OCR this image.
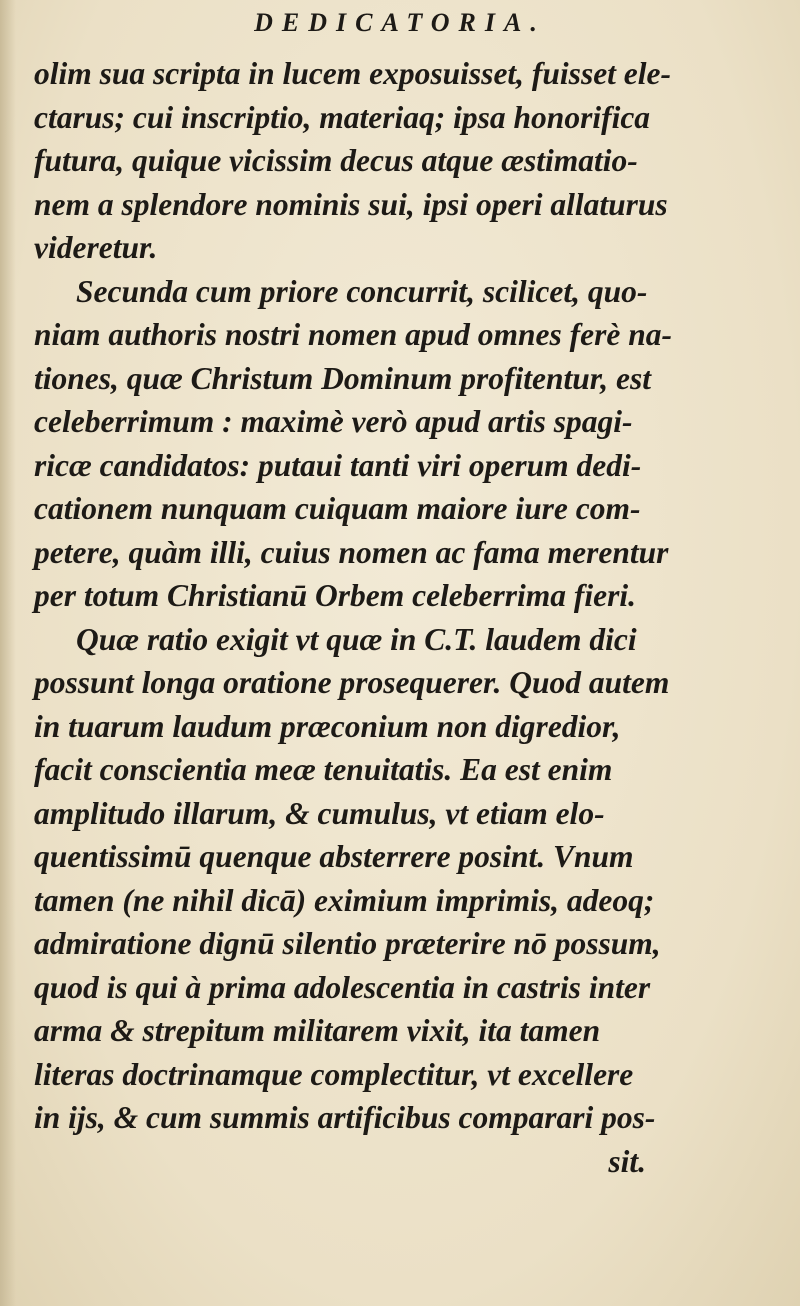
DEDICATORIA.
olim sua scripta in lucem exposuisset, fuisset ele-
ctarus; cui inscriptio, materiaq; ipsa honorifica
futura, quique vicissim decus atque æstimatio-
nem a splendore nominis sui, ipsi operi allaturus
videretur.
Secunda cum priore concurrit, scilicet, quo-
niam authoris nostri nomen apud omnes ferè na-
tiones, quæ Christum Dominum profitentur, est
celeberrimum : maximè verò apud artis spagi-
ricæ candidatos: putaui tanti viri operum dedi-
cationem nunquam cuiquam maiore iure com-
petere, quàm illi, cuius nomen ac fama merentur
per totum Christianū Orbem celeberrima fieri.
Quæ ratio exigit vt quæ in C.T. laudem dici
possunt longa oratione prosequerer. Quod autem
in tuarum laudum præconium non digredior,
facit conscientia meæ tenuitatis. Ea est enim
amplitudo illarum, & cumulus, vt etiam elo-
quentissimū quenque absterrere posint. Vnum
tamen (ne nihil dicā) eximium imprimis, adeoq;
admiratione dignū silentio præterire nō possum,
quod is qui à prima adolescentia in castris inter
arma & strepitum militarem vixit, ita tamen
literas doctrinamque complectitur, vt excellere
in ijs, & cum summis artificibus comparari pos-
sit.
